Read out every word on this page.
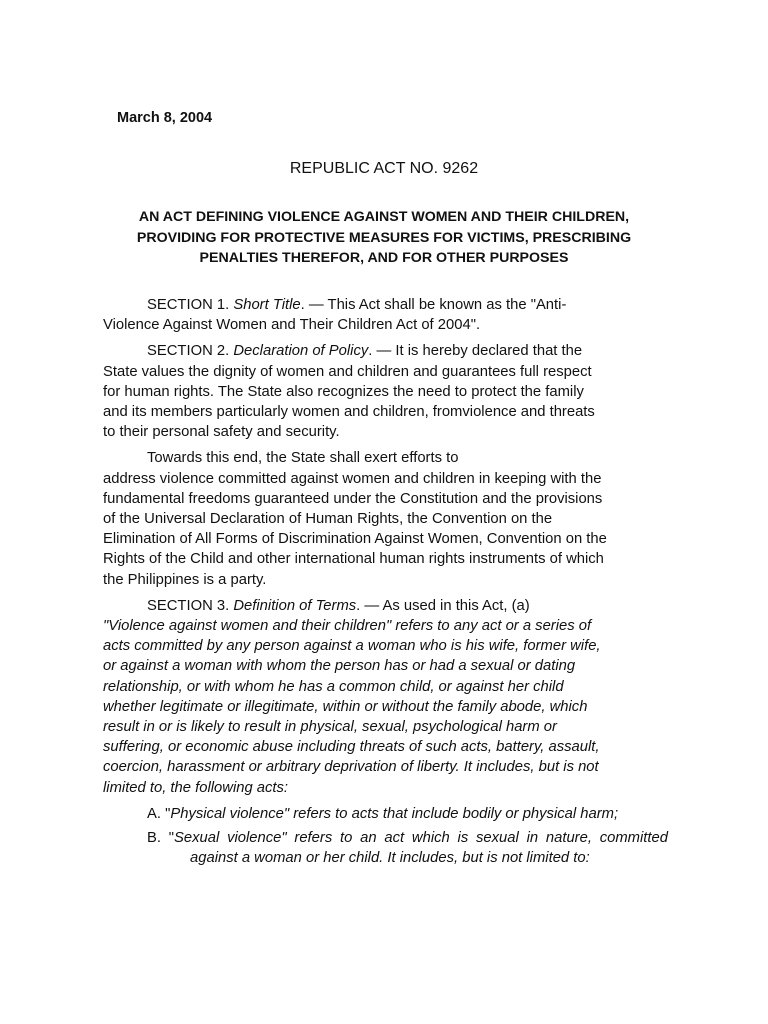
March 8, 2004
REPUBLIC ACT NO. 9262
AN ACT DEFINING VIOLENCE AGAINST WOMEN AND THEIR CHILDREN,
PROVIDING FOR PROTECTIVE MEASURES FOR VICTIMS, PRESCRIBING
PENALTIES THEREFOR, AND FOR OTHER PURPOSES
SECTION 1. Short Title. — This Act shall be known as the "Anti-
Violence Against Women and Their Children Act of 2004".
SECTION 2. Declaration of Policy. — It is hereby declared that the
State values the dignity of women and children and guarantees full respect
for human rights. The State also recognizes the need to protect the family
and its members particularly women and children, fromviolence and threats
to their personal safety and security.
Towards this end, the State shall exert efforts to
address violence committed against women and children in keeping with the
fundamental freedoms guaranteed under the Constitution and the provisions
of the Universal Declaration of Human Rights, the Convention on the
Elimination of All Forms of Discrimination Against Women, Convention on the
Rights of the Child and other international human rights instruments of which
the Philippines is a party.
SECTION 3. Definition of Terms. — As used in this Act, (a)
"Violence against women and their children" refers to any act or a series of
acts committed by any person against a woman who is his wife, former wife,
or against a woman with whom the person has or had a sexual or dating
relationship, or with whom he has a common child, or against her child
whether legitimate or illegitimate, within or without the family abode, which
result in or is likely to result in physical, sexual, psychological harm or
suffering, or economic abuse including threats of such acts, battery, assault,
coercion, harassment or arbitrary deprivation of liberty. It includes, but is not
limited to, the following acts:
A. "Physical violence" refers to acts that include bodily or physical harm;
B. "Sexual violence" refers to an act which is sexual in nature, committed against a woman or her child. It includes, but is not limited to:
